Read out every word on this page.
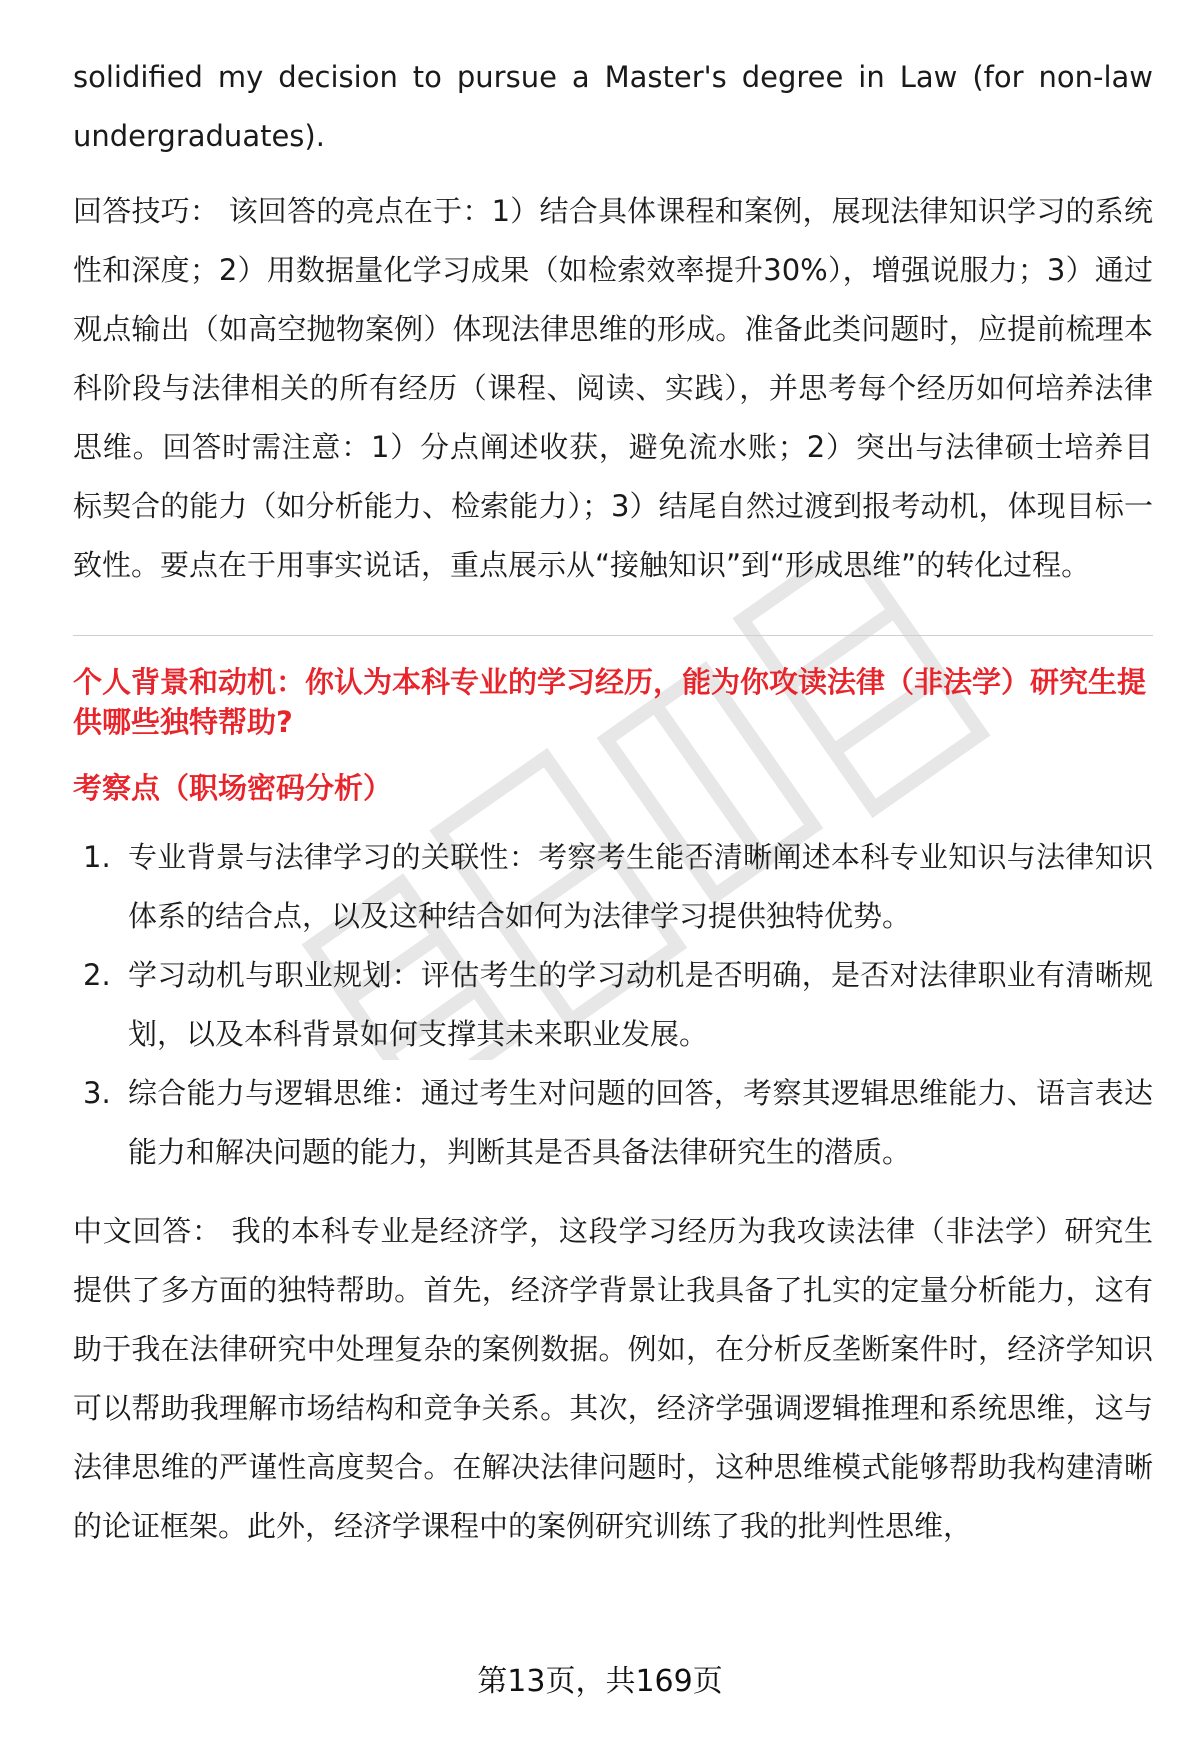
solidified my decision to pursue a Master's degree in Law (for non-law undergraduates).

回答技巧： 该回答的亮点在于：1）结合具体课程和案例，展现法律知识学习的系统性和深度；2）用数据量化学习成果（如检索效率提升30%），增强说服力；3）通过观点输出（如高空抛物案例）体现法律思维的形成。准备此类问题时，应提前梳理本科阶段与法律相关的所有经历（课程、阅读、实践），并思考每个经历如何培养法律思维。回答时需注意：1）分点阐述收获，避免流水账；2）突出与法律硕士培养目标契合的能力（如分析能力、检索能力）；3）结尾自然过渡到报考动机，体现目标一致性。要点在于用事实说话，重点展示从“接触知识”到“形成思维”的转化过程。

个人背景和动机：你认为本科专业的学习经历，能为你攻读法律（非法学）研究生提供哪些独特帮助?
考察点（职场密码分析）
1. 专业背景与法律学习的关联性：考察考生能否清晰阐述本科专业知识与法律知识体系的结合点，以及这种结合如何为法律学习提供独特优势。
2. 学习动机与职业规划：评估考生的学习动机是否明确，是否对法律职业有清晰规划，以及本科背景如何支撑其未来职业发展。
3. 综合能力与逻辑思维：通过考生对问题的回答，考察其逻辑思维能力、语言表达能力和解决问题的能力，判断其是否具备法律研究生的潜质。

中文回答： 我的本科专业是经济学，这段学习经历为我攻读法律（非法学）研究生提供了多方面的独特帮助。首先，经济学背景让我具备了扎实的定量分析能力，这有助于我在法律研究中处理复杂的案例数据。例如，在分析反垄断案件时，经济学知识可以帮助我理解市场结构和竞争关系。其次，经济学强调逻辑推理和系统思维，这与法律思维的严谨性高度契合。在解决法律问题时，这种思维模式能够帮助我构建清晰的论证框架。此外，经济学课程中的案例研究训练了我的批判性思维，

第13页，共169页
